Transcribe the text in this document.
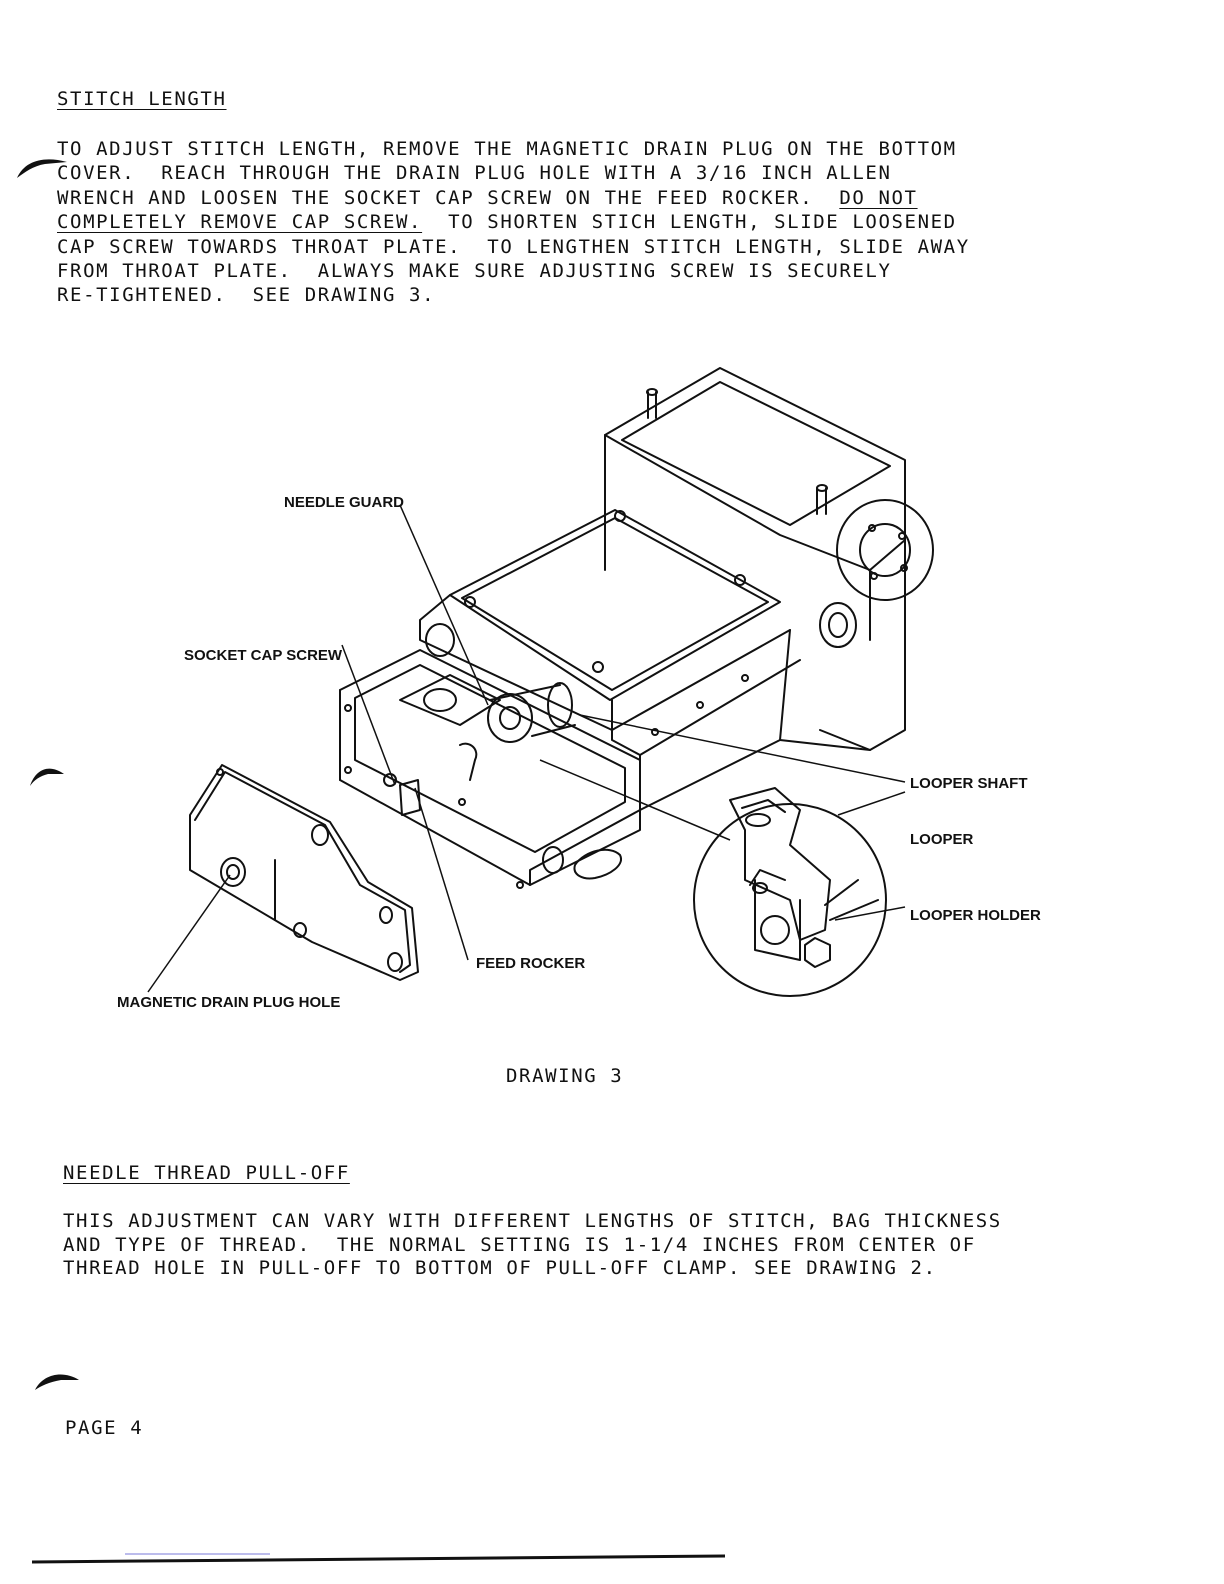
STITCH LENGTH
TO ADJUST STITCH LENGTH, REMOVE THE MAGNETIC DRAIN PLUG ON THE BOTTOM
COVER.  REACH THROUGH THE DRAIN PLUG HOLE WITH A 3/16 INCH ALLEN
WRENCH AND LOOSEN THE SOCKET CAP SCREW ON THE FEED ROCKER.  DO NOT
COMPLETELY REMOVE CAP SCREW.  TO SHORTEN STICH LENGTH, SLIDE LOOSENED
CAP SCREW TOWARDS THROAT PLATE.  TO LENGTHEN STITCH LENGTH, SLIDE AWAY
FROM THROAT PLATE.  ALWAYS MAKE SURE ADJUSTING SCREW IS SECURELY
RE-TIGHTENED.  SEE DRAWING 3.
NEEDLE GUARD
SOCKET CAP SCREW
LOOPER SHAFT
LOOPER
LOOPER HOLDER
FEED ROCKER
MAGNETIC DRAIN PLUG HOLE
DRAWING 3
NEEDLE THREAD PULL-OFF
THIS ADJUSTMENT CAN VARY WITH DIFFERENT LENGTHS OF STITCH, BAG THICKNESS
AND TYPE OF THREAD.  THE NORMAL SETTING IS 1-1/4 INCHES FROM CENTER OF
THREAD HOLE IN PULL-OFF TO BOTTOM OF PULL-OFF CLAMP. SEE DRAWING 2.
PAGE 4
